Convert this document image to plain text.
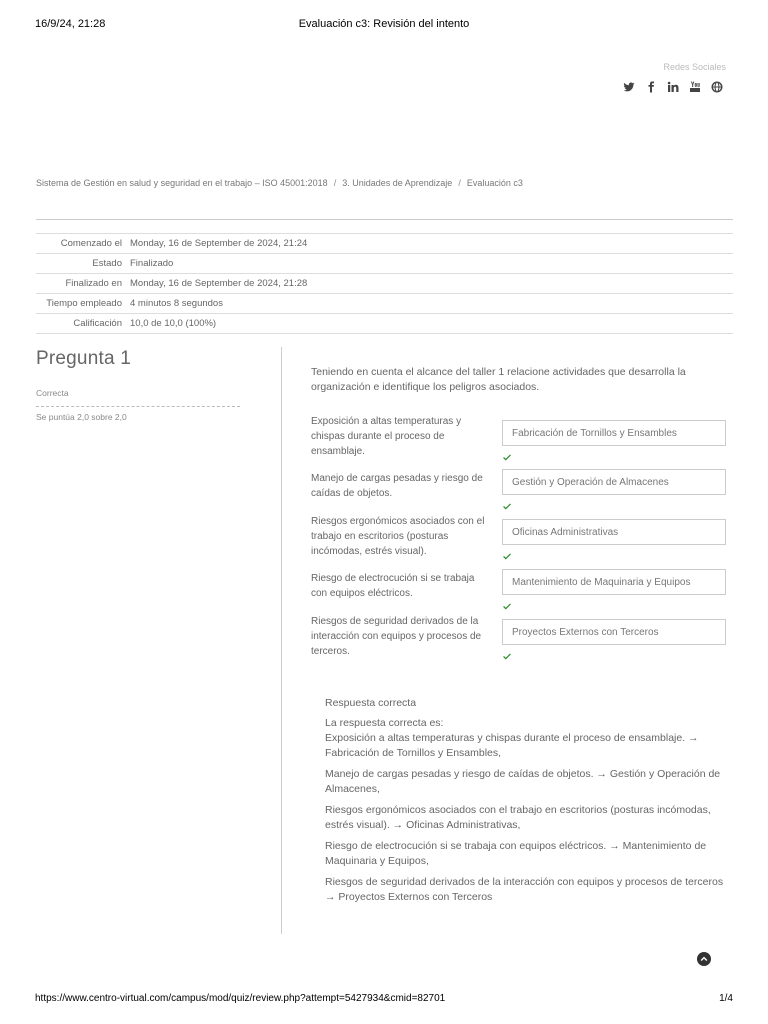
16/9/24, 21:28	Evaluación c3: Revisión del intento
Redes Sociales
Sistema de Gestión en salud y seguridad en el trabajo – ISO 45001:2018 / 3. Unidades de Aprendizaje / Evaluación c3
Comenzado el Monday, 16 de September de 2024, 21:24
Estado Finalizado
Finalizado en Monday, 16 de September de 2024, 21:28
Tiempo empleado 4 minutos 8 segundos
Calificación 10,0 de 10,0 (100%)
Pregunta 1
Correcta
Se puntúa 2,0 sobre 2,0
Teniendo en cuenta el alcance del taller 1 relacione actividades que desarrolla la organización e identifique los peligros asociados.
Exposición a altas temperaturas y chispas durante el proceso de ensamblaje.
Fabricación de Tornillos y Ensambles
Manejo de cargas pesadas y riesgo de caídas de objetos.
Gestión y Operación de Almacenes
Riesgos ergonómicos asociados con el trabajo en escritorios (posturas incómodas, estrés visual).
Oficinas Administrativas
Riesgo de electrocución si se trabaja con equipos eléctricos.
Mantenimiento de Maquinaria y Equipos
Riesgos de seguridad derivados de la interacción con equipos y procesos de terceros.
Proyectos Externos con Terceros
Respuesta correcta
La respuesta correcta es:
Exposición a altas temperaturas y chispas durante el proceso de ensamblaje. → Fabricación de Tornillos y Ensambles,
Manejo de cargas pesadas y riesgo de caídas de objetos. → Gestión y Operación de Almacenes,
Riesgos ergonómicos asociados con el trabajo en escritorios (posturas incómodas, estrés visual). → Oficinas Administrativas,
Riesgo de electrocución si se trabaja con equipos eléctricos. → Mantenimiento de Maquinaria y Equipos,
Riesgos de seguridad derivados de la interacción con equipos y procesos de terceros → Proyectos Externos con Terceros
https://www.centro-virtual.com/campus/mod/quiz/review.php?attempt=5427934&cmid=82701	1/4
